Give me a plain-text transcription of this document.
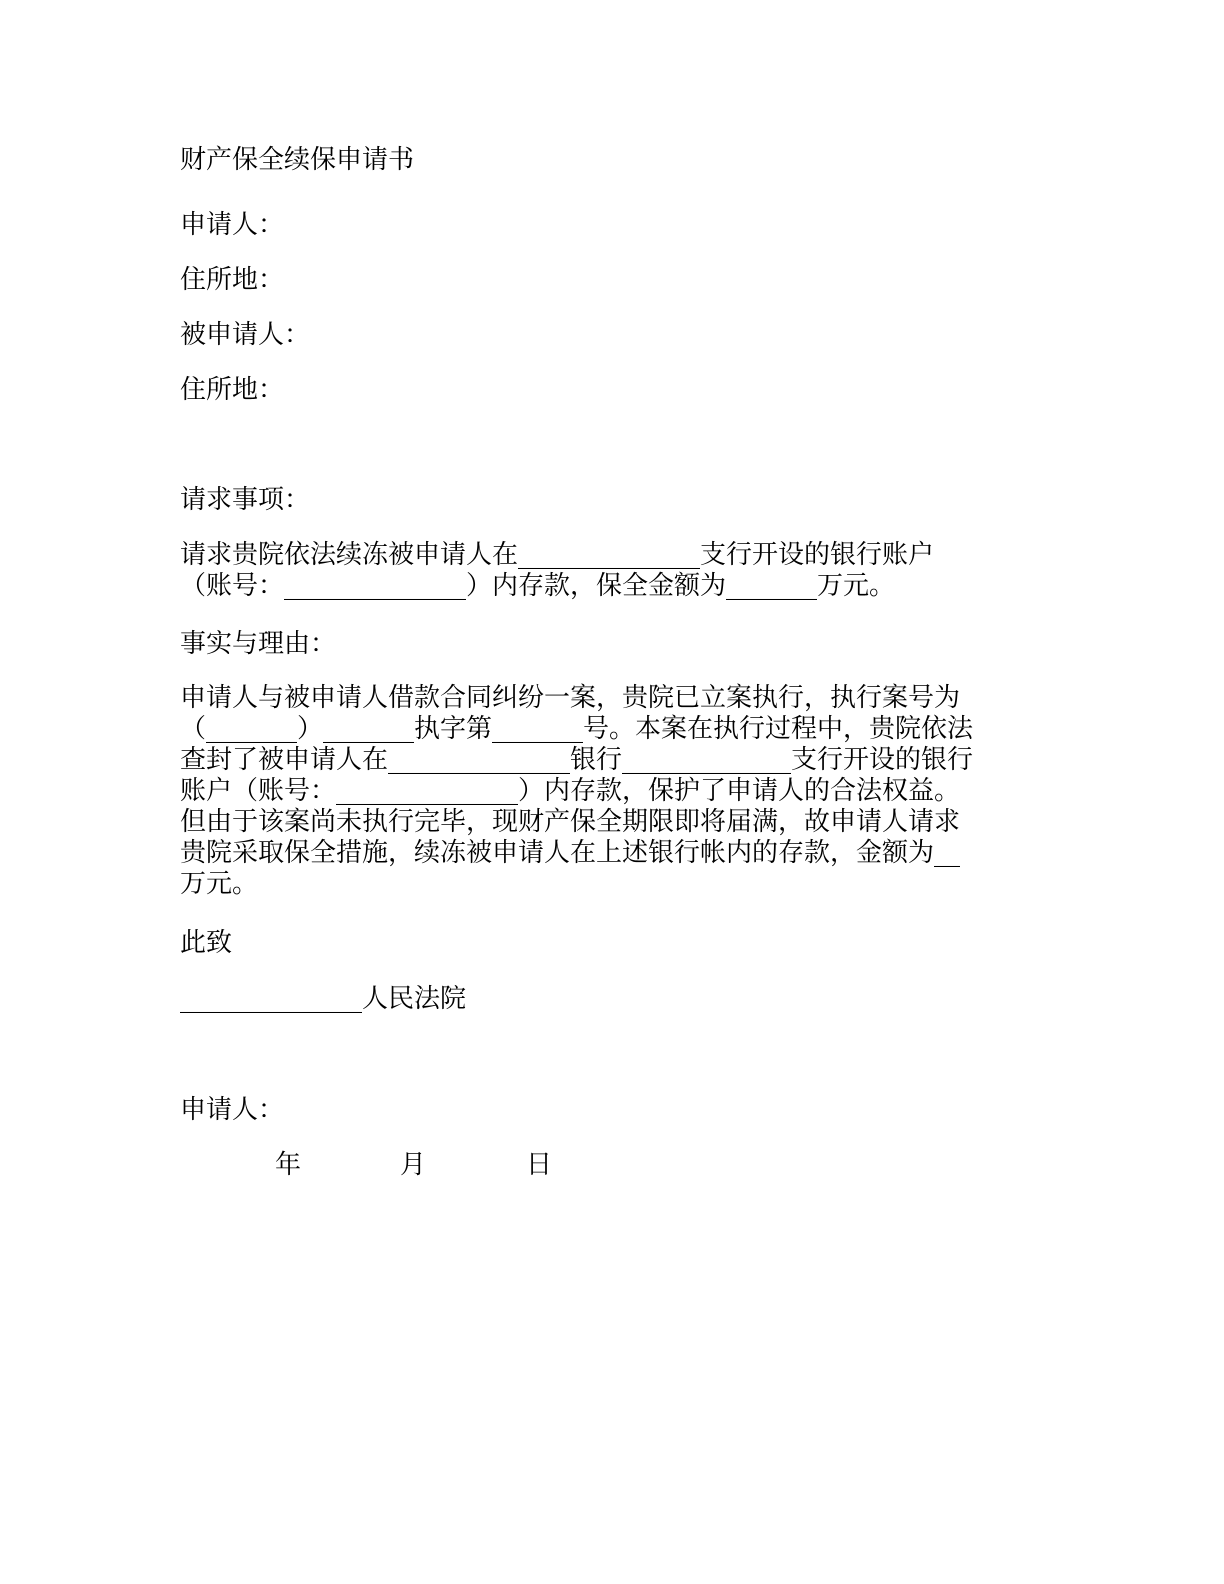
财产保全续保申请书

申请人：

住所地：

被申请人：

住所地：

请求事项：

请求贵院依法续冻被申请人在______________支行开设的银行账户
（账号：______________）内存款，保全金额为_______万元。

事实与理由：

申请人与被申请人借款合同纠纷一案，贵院已立案执行，执行案号为
（_______）_______执字第_______号。本案在执行过程中，贵院依法
查封了被申请人在______________银行_____________支行开设的银行
账户（账号：______________）内存款，保护了申请人的合法权益。
但由于该案尚未执行完毕，现财产保全期限即将届满，故申请人请求
贵院采取保全措施，续冻被申请人在上述银行帐内的存款，金额为__
万元。

此致

______________人民法院

申请人：

年	月	日
